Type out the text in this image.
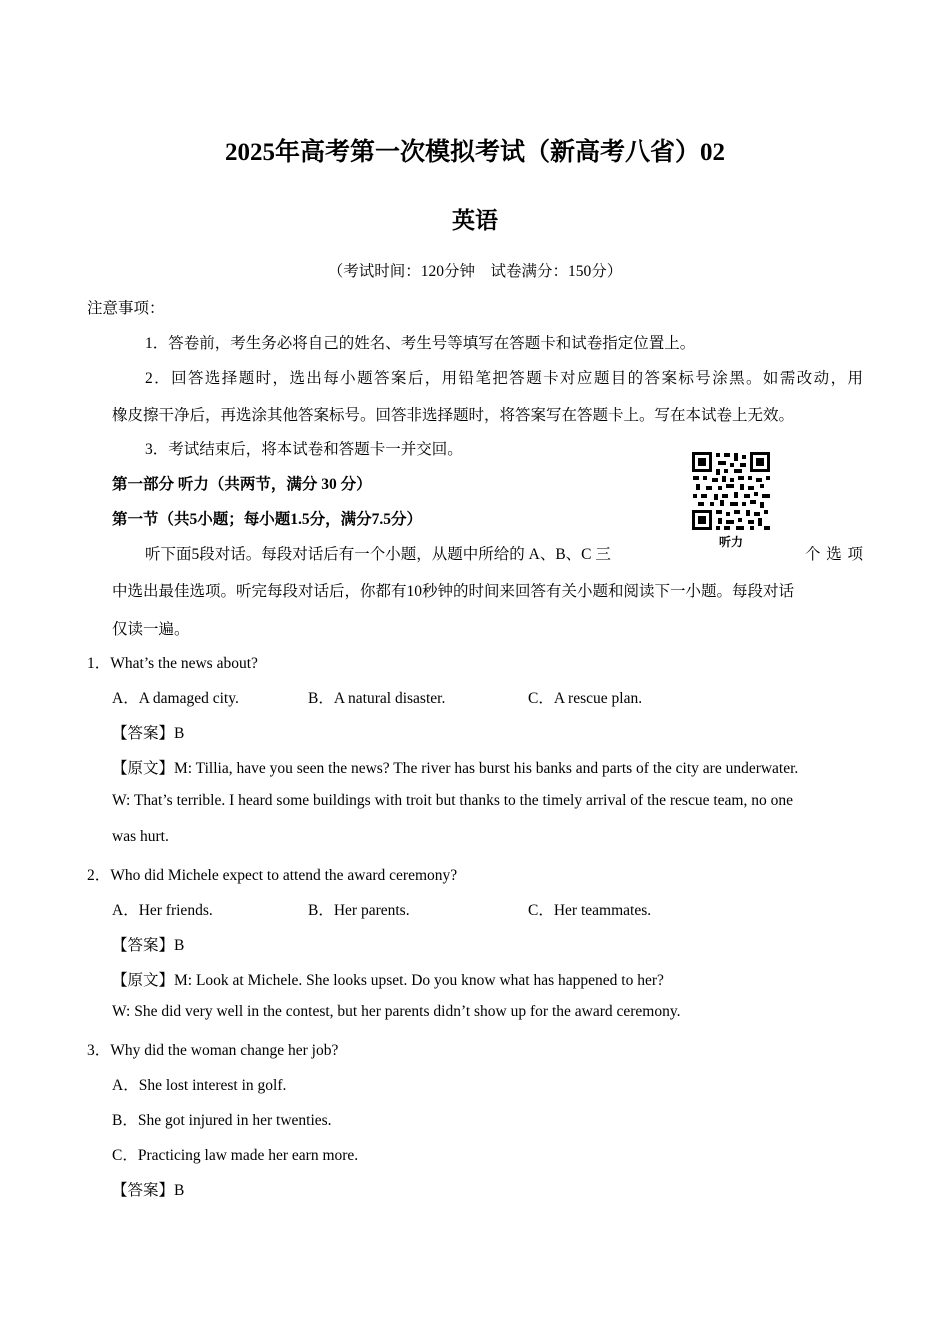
2025年高考第一次模拟考试（新高考八省）02
英语
（考试时间：120分钟　试卷满分：150分）
注意事项：
1．答卷前，考生务必将自己的姓名、考生号等填写在答题卡和试卷指定位置上。
2．回答选择题时，选出每小题答案后，用铅笔把答题卡对应题目的答案标号涂黑。如需改动，用
橡皮擦干净后，再选涂其他答案标号。回答非选择题时，将答案写在答题卡上。写在本试卷上无效。
3．考试结束后，将本试卷和答题卡一并交回。
第一部分 听力（共两节，满分 30 分）
第一节（共5小题；每小题1.5分，满分7.5分）
听力
听下面5段对话。每段对话后有一个小题，从题中所给的 A、B、C 三	个 选 项
中选出最佳选项。听完每段对话后，你都有10秒钟的时间来回答有关小题和阅读下一小题。每段对话
仅读一遍。
1．What’s the news about?
A．A damaged city.	B．A natural disaster.	C．A rescue plan.
【答案】B
【原文】M: Tillia, have you seen the news? The river has burst his banks and parts of the city are underwater.
W: That’s terrible. I heard some buildings with troit but thanks to the timely arrival of the rescue team, no one
was hurt.
2．Who did Michele expect to attend the award ceremony?
A．Her friends.	B．Her parents.	C．Her teammates.
【答案】B
【原文】M: Look at Michele. She looks upset. Do you know what has happened to her?
W: She did very well in the contest, but her parents didn’t show up for the award ceremony.
3．Why did the woman change her job?
A．She lost interest in golf.
B．She got injured in her twenties.
C．Practicing law made her earn more.
【答案】B
